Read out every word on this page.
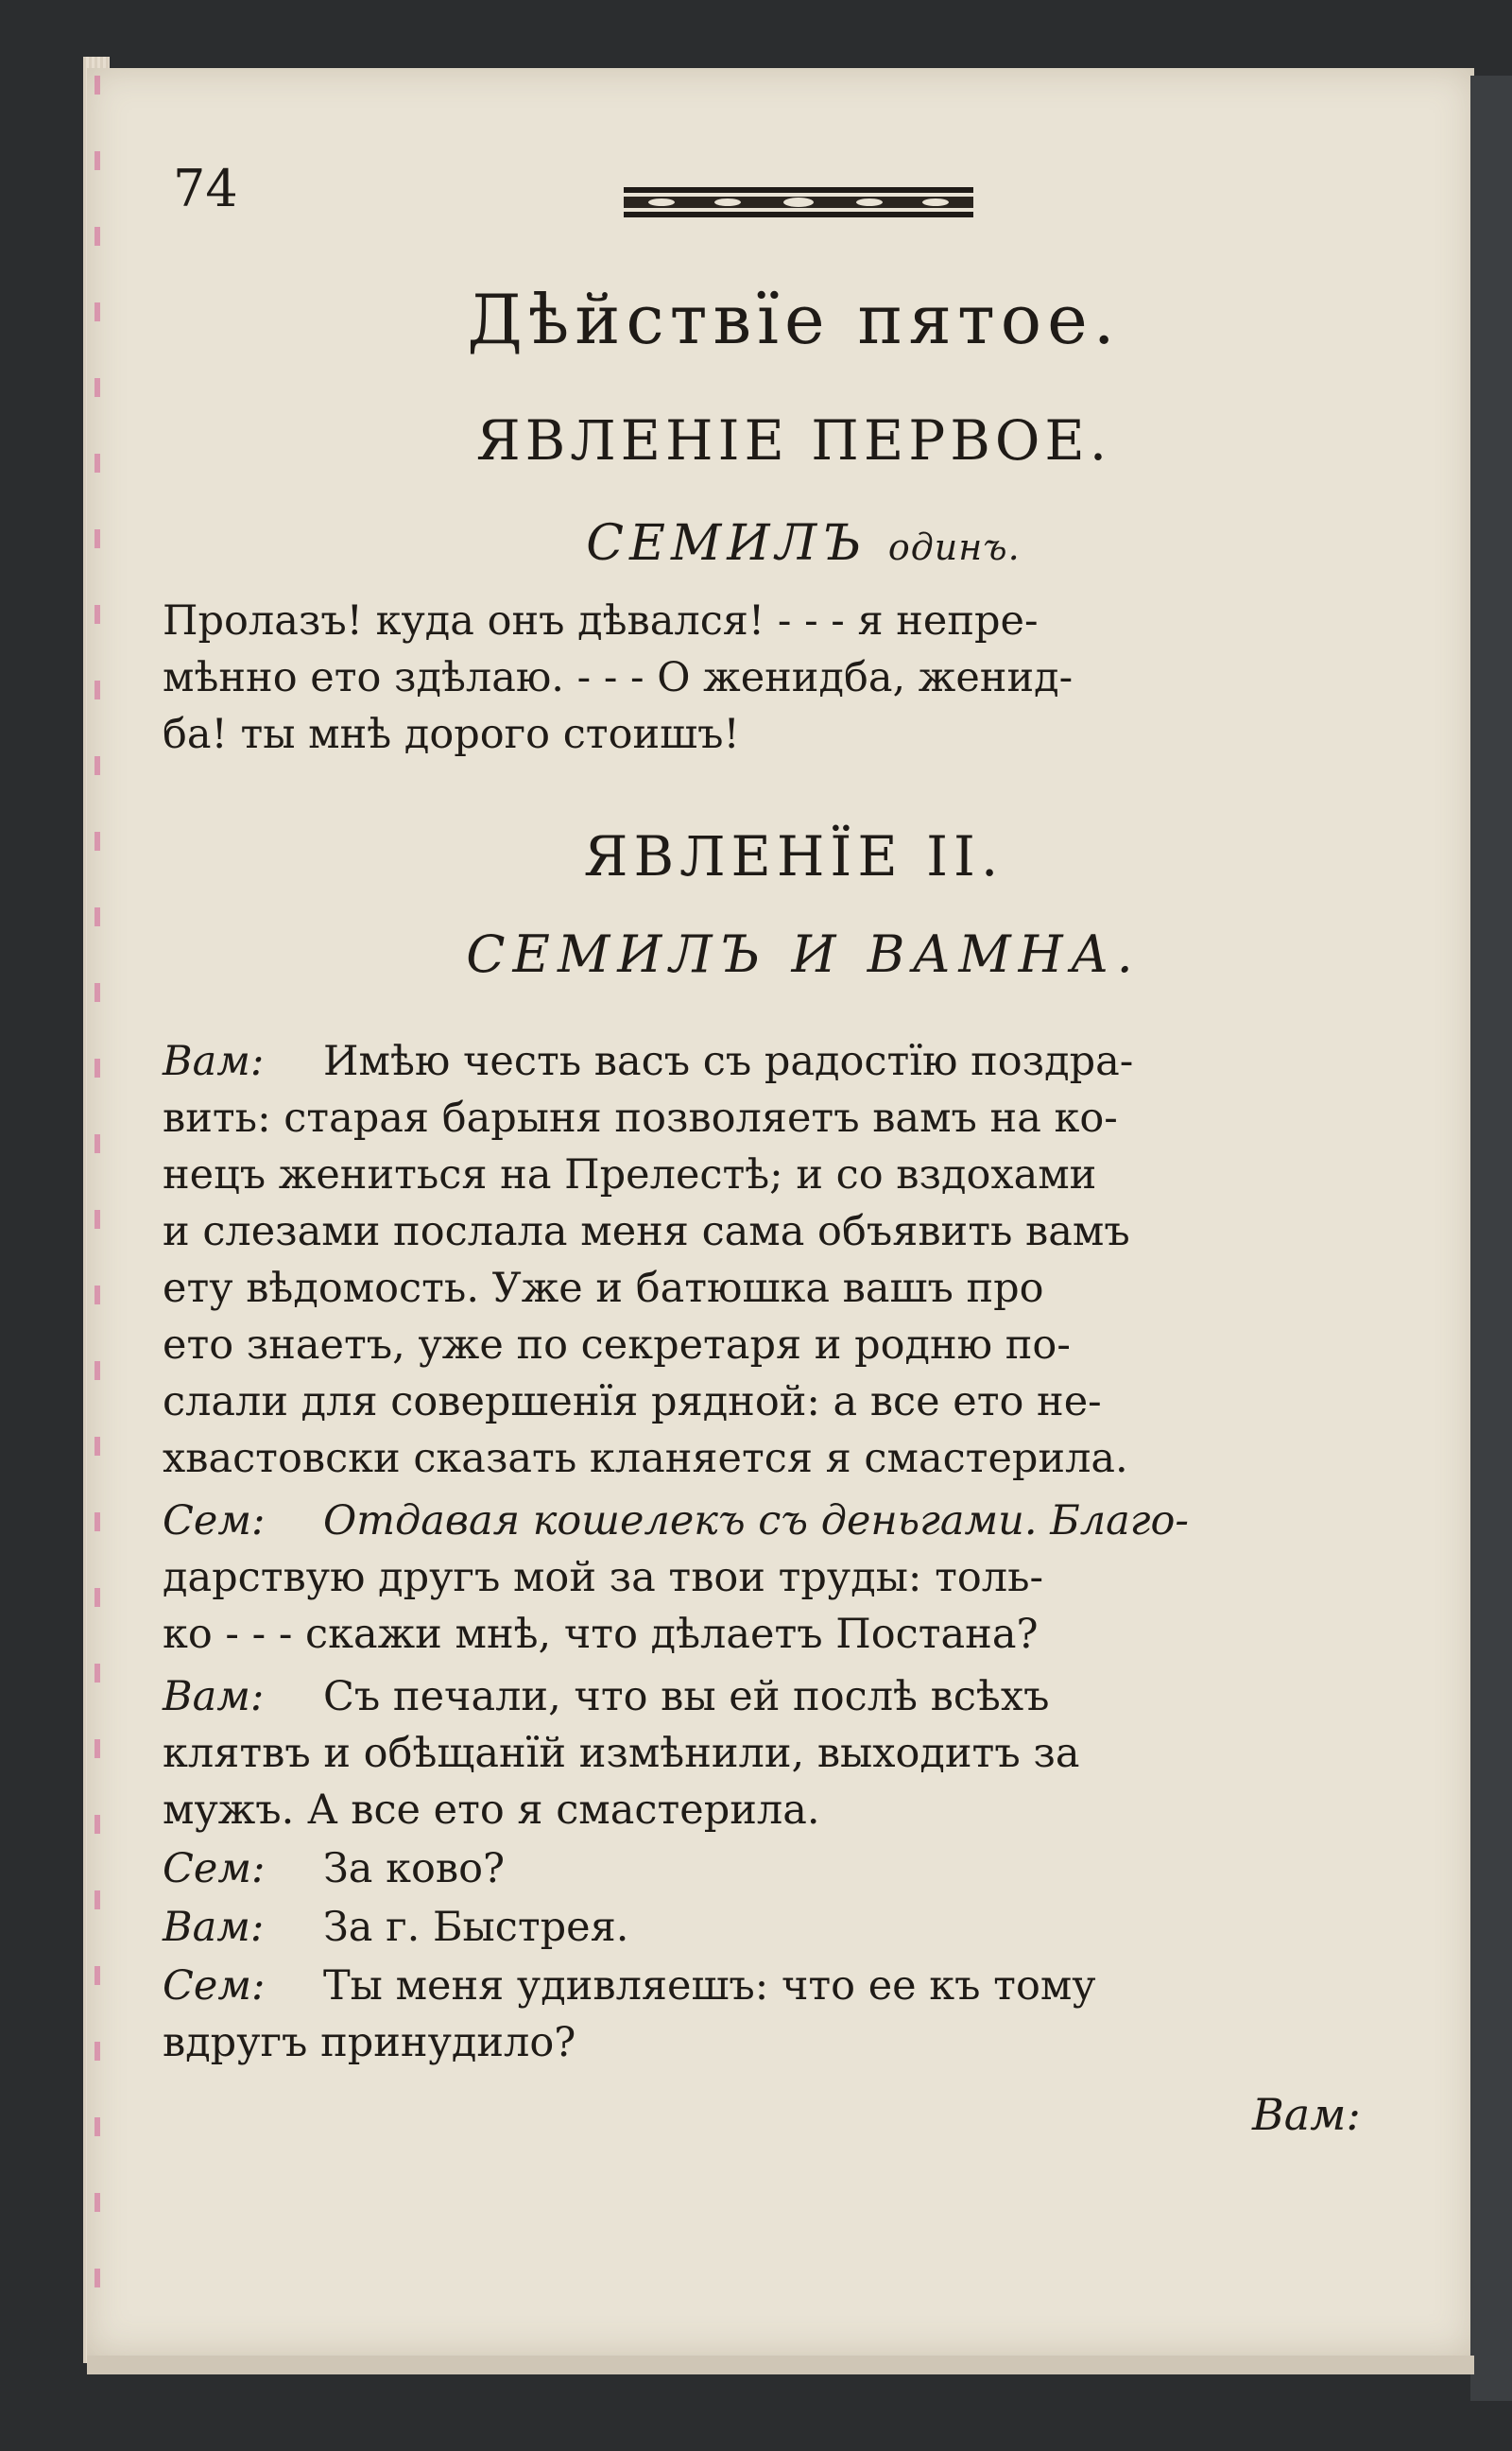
74
Дѣйствїе пятое.
ЯВЛЕНІЕ ПЕРВОЕ.
СЕМИЛЪ одинъ.
Пролазъ! куда онъ дѣвался! - - - я непре-
мѣнно ето здѣлаю. - - - О женидба, женид-
ба! ты мнѣ дорого стоишъ!
ЯВЛЕНЇЕ II.
СЕМИЛЪ И ВАМНА.
Вам: Имѣю честь васъ съ радостїю поздра-
вить: старая барыня позволяетъ вамъ на ко-
нецъ жениться на Прелестѣ; и со вздохами
и слезами послала меня сама объявить вамъ
ету вѣдомость. Уже и батюшка вашъ про
ето знаетъ, уже по секретаря и родню по-
слали для совершенїя рядной: а все ето не-
хвастовски сказать кланяется я смастерила.
Сем: Отдавая кошелекъ съ деньгами. Благо-
дарствую другъ мой за твои труды: толь-
ко - - - скажи мнѣ, что дѣлаетъ Постана?
Вам: Съ печали, что вы ей послѣ всѣхъ
клятвъ и обѣщанїй измѣнили, выходитъ за
мужъ. А все ето я смастерила.
Сем: За ково?
Вам: За г. Быстрея.
Сем: Ты меня удивляешъ: что ее къ тому
вдругъ принудило?
Вам:
